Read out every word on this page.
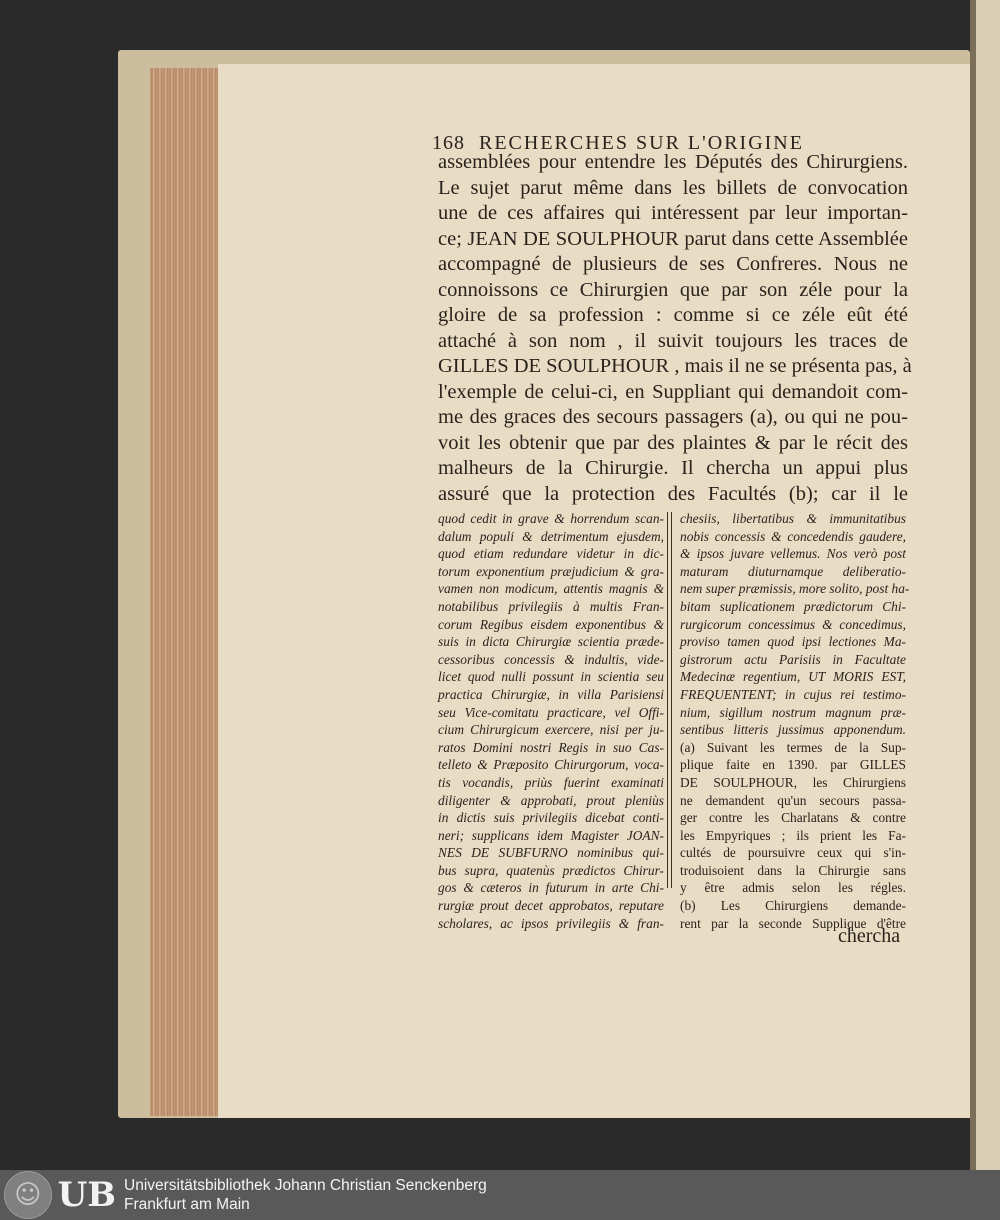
168 RECHERCHES SUR L'ORIGINE
assemblées pour entendre les Députés des Chirurgiens.
Le sujet parut même dans les billets de convocation
une de ces affaires qui intéressent par leur importan-
ce; JEAN DE SOULPHOUR parut dans cette Assemblée
accompagné de plusieurs de ses Confreres. Nous ne
connoissons ce Chirurgien que par son zéle pour la
gloire de sa profession : comme si ce zéle eût été
attaché à son nom , il suivit toujours les traces de
GILLES DE SOULPHOUR , mais il ne se présenta pas, à
l'exemple de celui-ci, en Suppliant qui demandoit com-
me des graces des secours passagers (a), ou qui ne pou-
voit les obtenir que par des plaintes & par le récit des
malheurs de la Chirurgie. Il chercha un appui plus
assuré que la protection des Facultés (b); car il le
quod cedit in grave & horrendum scan-
dalum populi & detrimentum ejusdem,
quod etiam redundare videtur in dic-
torum exponentium præjudicium & gra-
vamen non modicum, attentis magnis &
notabilibus privilegiis à multis Fran-
corum Regibus eisdem exponentibus &
suis in dicta Chirurgiæ scientia præde-
cessoribus concessis & indultis, vide-
licet quod nulli possunt in scientia seu
practica Chirurgiæ, in villa Parisiensi
seu Vice-comitatu practicare, vel Offi-
cium Chirurgicum exercere, nisi per ju-
ratos Domini nostri Regis in suo Cas-
telleto & Præposito Chirurgorum, voca-
tis vocandis, priùs fuerint examinati
diligenter & approbati, prout pleniùs
in dictis suis privilegiis dicebat conti-
neri; supplicans idem Magister JOAN-
NES DE SUBFURNO nominibus qui-
bus supra, quatenùs prædictos Chirur-
gos & cæteros in futurum in arte Chi-
rurgiæ prout decet approbatos, reputare
scholares, ac ipsos privilegiis & fran-
chesiis, libertatibus & immunitatibus
nobis concessis & concedendis gaudere,
& ipsos juvare vellemus. Nos verò post
maturam diuturnamque deliberatio-
nem super præmissis, more solito, post ha-
bitam suplicationem prædictorum Chi-
rurgicorum concessimus & concedimus,
proviso tamen quod ipsi lectiones Ma-
gistrorum actu Parisiis in Facultate
Medecinæ regentium, UT MORIS EST,
FREQUENTENT; in cujus rei testimo-
nium, sigillum nostrum magnum præ-
sentibus litteris jussimus apponendum.
(a) Suivant les termes de la Sup-
plique faite en 1390. par GILLES
DE SOULPHOUR, les Chirurgiens
ne demandent qu'un secours passa-
ger contre les Charlatans & contre
les Empyriques ; ils prient les Fa-
cultés de poursuivre ceux qui s'in-
troduisoient dans la Chirurgie sans
y être admis selon les régles.
(b) Les Chirurgiens demande-
rent par la seconde Supplique d'être
chercha
☺ UB Universitätsbibliothek Johann Christian Senckenberg
Frankfurt am Main
